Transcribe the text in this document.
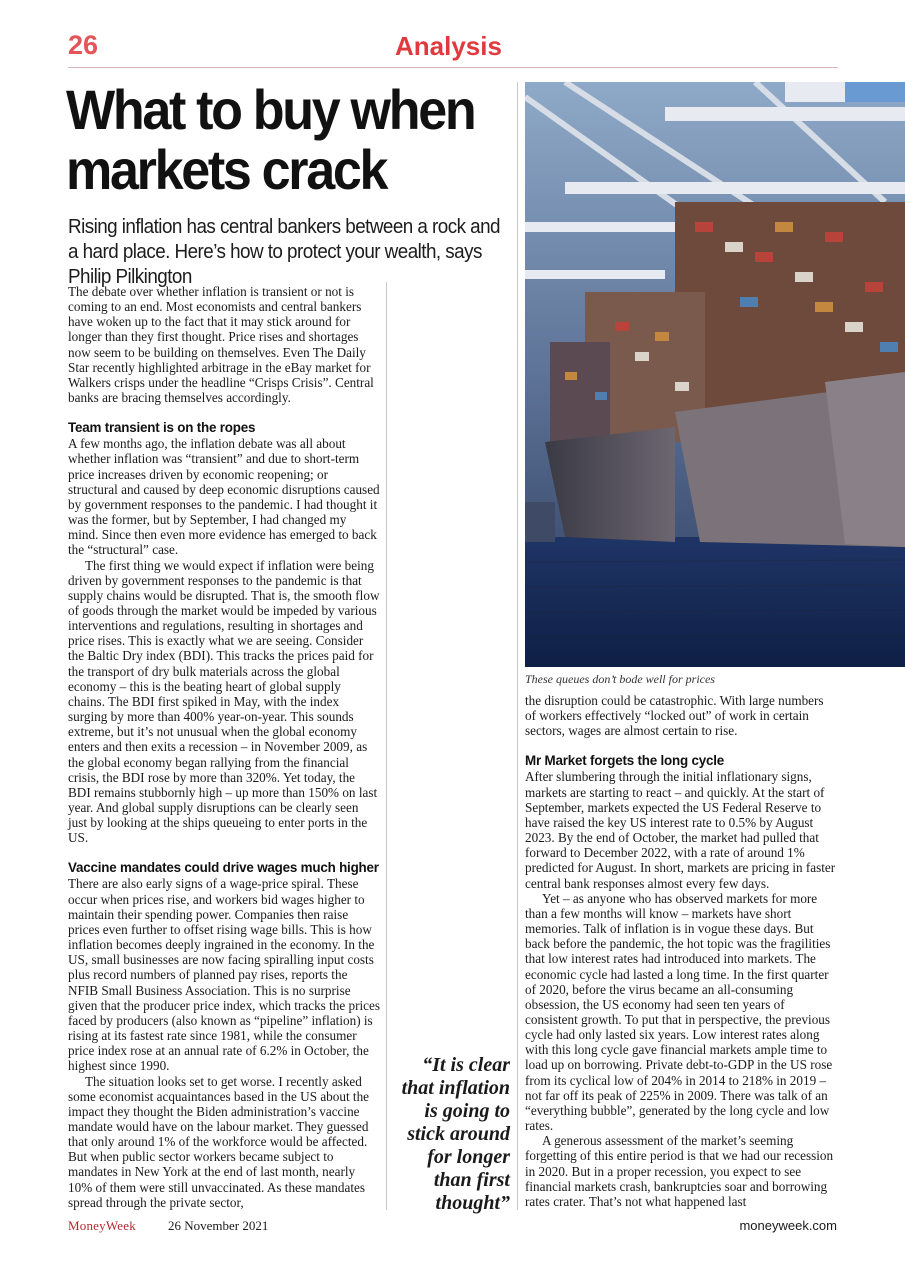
26	Analysis
What to buy when markets crack
Rising inflation has central bankers between a rock and a hard place. Here’s how to protect your wealth, says Philip Pilkington

The debate over whether inflation is transient or not is coming to an end. Most economists and central bankers have woken up to the fact that it may stick around for longer than they first thought. Price rises and shortages now seem to be building on themselves. Even The Daily Star recently highlighted arbitrage in the eBay market for Walkers crisps under the headline “Crisps Crisis”. Central banks are bracing themselves accordingly.

Team transient is on the ropes

A few months ago, the inflation debate was all about whether inflation was “transient” and due to short-term price increases driven by economic reopening; or structural and caused by deep economic disruptions caused by government responses to the pandemic. I had thought it was the former, but by September, I had changed my mind. Since then even more evidence has emerged to back the “structural” case.

The first thing we would expect if inflation were being driven by government responses to the pandemic is that supply chains would be disrupted. That is, the smooth flow of goods through the market would be impeded by various interventions and regulations, resulting in shortages and price rises. This is exactly what we are seeing. Consider the Baltic Dry index (BDI). This tracks the prices paid for the transport of dry bulk materials across the global economy – this is the beating heart of global supply chains. The BDI first spiked in May, with the index surging by more than 400% year-on-year. This sounds extreme, but it’s not unusual when the global economy enters and then exits a recession – in November 2009, as the global economy began rallying from the financial crisis, the BDI rose by more than 320%. Yet today, the BDI remains stubbornly high – up more than 150% on last year. And global supply disruptions can be clearly seen just by looking at the ships queueing to enter ports in the US.

Vaccine mandates could drive wages much higher

There are also early signs of a wage-price spiral. These occur when prices rise, and workers bid wages higher to maintain their spending power. Companies then raise prices even further to offset rising wage bills. This is how inflation becomes deeply ingrained in the economy. In the US, small businesses are now facing spiralling input costs plus record numbers of planned pay rises, reports the NFIB Small Business Association. This is no surprise given that the producer price index, which tracks the prices faced by producers (also known as “pipeline” inflation) is rising at its fastest rate since 1981, while the consumer price index rose at an annual rate of 6.2% in October, the highest since 1990.

The situation looks set to get worse. I recently asked some economist acquaintances based in the US about the impact they thought the Biden administration’s vaccine mandate would have on the labour market. They guessed that only around 1% of the workforce would be affected. But when public sector workers became subject to mandates in New York at the end of last month, nearly 10% of them were still unvaccinated. As these mandates spread through the private sector,

These queues don’t bode well for prices
“It is clear that inflation is going to stick around for longer than first thought”

the disruption could be catastrophic. With large numbers of workers effectively “locked out” of work in certain sectors, wages are almost certain to rise.

Mr Market forgets the long cycle

After slumbering through the initial inflationary signs, markets are starting to react – and quickly. At the start of September, markets expected the US Federal Reserve to have raised the key US interest rate to 0.5% by August 2023. By the end of October, the market had pulled that forward to December 2022, with a rate of around 1% predicted for August. In short, markets are pricing in faster central bank responses almost every few days.

Yet – as anyone who has observed markets for more than a few months will know – markets have short memories. Talk of inflation is in vogue these days. But back before the pandemic, the hot topic was the fragilities that low interest rates had introduced into markets. The economic cycle had lasted a long time. In the first quarter of 2020, before the virus became an all-consuming obsession, the US economy had seen ten years of consistent growth. To put that in perspective, the previous cycle had only lasted six years. Low interest rates along with this long cycle gave financial markets ample time to load up on borrowing. Private debt-to-GDP in the US rose from its cyclical low of 204% in 2014 to 218% in 2019 – not far off its peak of 225% in 2009. There was talk of an “everything bubble”, generated by the long cycle and low rates.

A generous assessment of the market’s seeming forgetting of this entire period is that we had our recession in 2020. But in a proper recession, you expect to see financial markets crash, bankruptcies soar and borrowing rates crater. That’s not what happened last

MoneyWeek 26 November 2021	moneyweek.com
